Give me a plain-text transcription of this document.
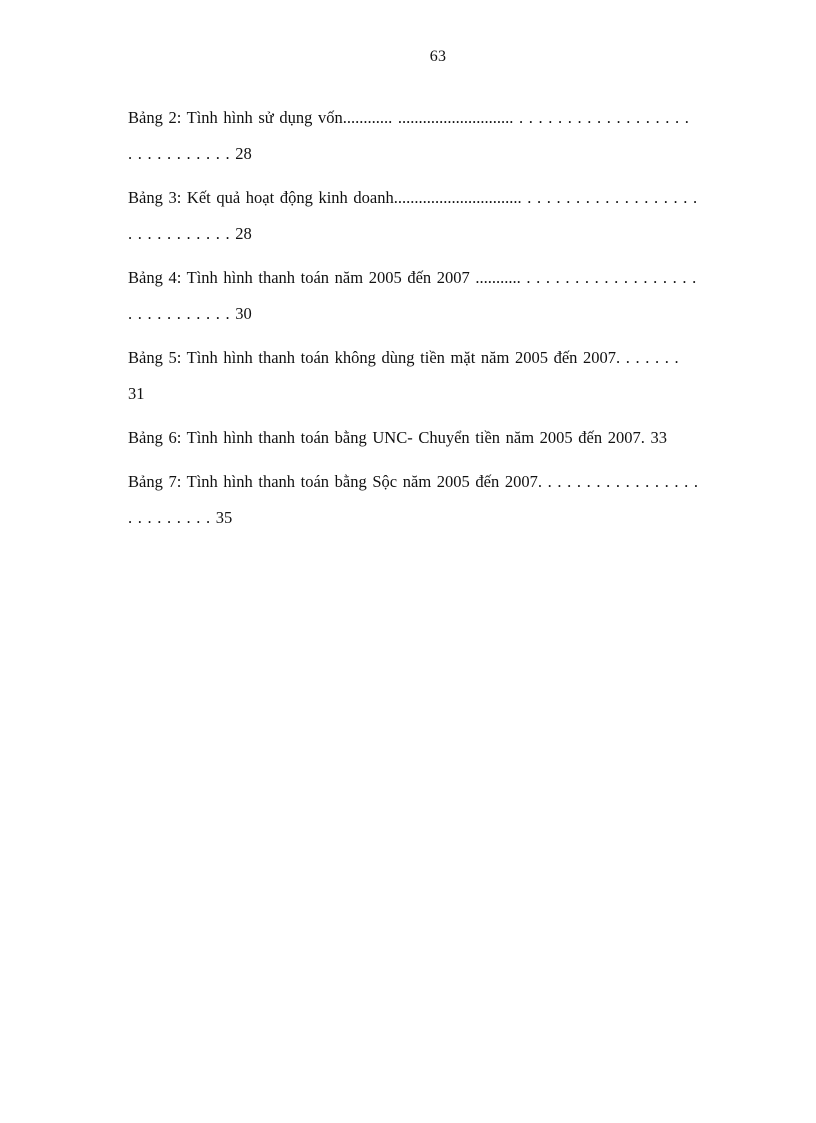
63
Bảng 2: Tình hình sử dụng vốn............ ............................ . . . . . . . . . . . . . . . . . .
. . . . . . . . . . . 28
Bảng 3: Kết quả hoạt động kinh doanh............................... . . . . . . . . . . . . . . . . . .
. . . . . . . . . . . 28
Bảng 4: Tình hình thanh toán năm 2005 đến 2007 ........... . . . . . . . . . . . . . . . . . .
. . . . . . . . . . . 30
Bảng 5: Tình hình thanh toán không dùng tiền mặt năm 2005 đến 2007. . . . . . .
31
Bảng 6: Tình hình thanh toán bằng UNC- Chuyển tiền năm 2005 đến 2007. 33
Bảng 7: Tình hình thanh toán bằng Sộc năm 2005 đến 2007. . . . . . . . . . . . . . . . .
. . . . . . . . . 35
